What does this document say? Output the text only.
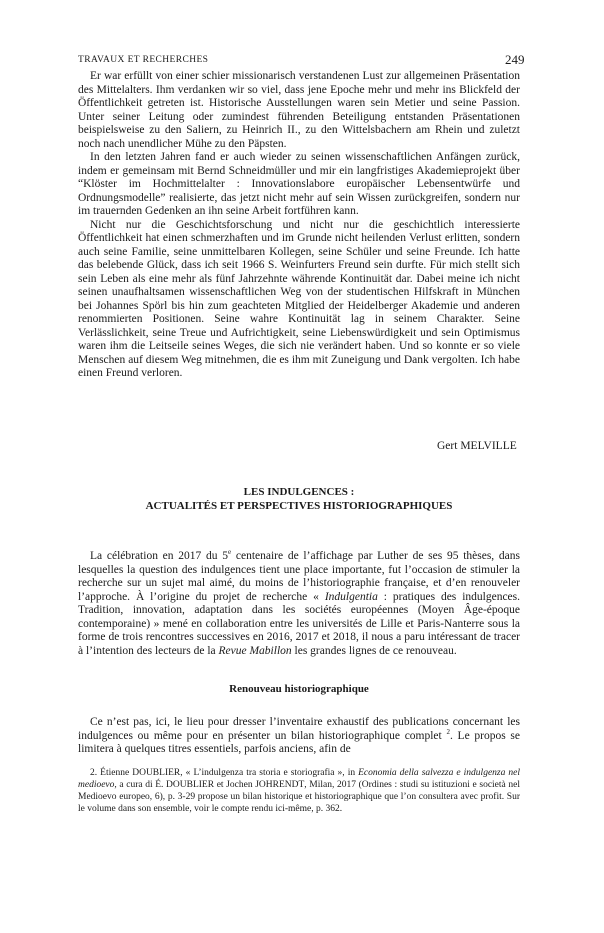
TRAVAUX ET RECHERCHES	249

Er war erfüllt von einer schier missionarisch verstandenen Lust zur allgemeinen Präsentation des Mittelalters. Ihm verdanken wir so viel, dass jene Epoche mehr und mehr ins Blickfeld der Öffentlichkeit getreten ist. Historische Ausstellungen waren sein Metier und seine Passion. Unter seiner Leitung oder zumindest führenden Beteiligung entstanden Präsentationen beispielsweise zu den Saliern, zu Heinrich II., zu den Wittelsbachern am Rhein und zuletzt noch nach unendlicher Mühe zu den Päpsten.

In den letzten Jahren fand er auch wieder zu seinen wissenschaftlichen Anfängen zurück, indem er gemeinsam mit Bernd Schneidmüller und mir ein langfristiges Akademieprojekt über “Klöster im Hochmittelalter : Innovationslabore europäischer Lebensentwürfe und Ordnungsmodelle” realisierte, das jetzt nicht mehr auf sein Wissen zurückgreifen, sondern nur im trauernden Gedenken an ihn seine Arbeit fortführen kann.

Nicht nur die Geschichtsforschung und nicht nur die geschichtlich interessierte Öffentlichkeit hat einen schmerzhaften und im Grunde nicht heilenden Verlust erlitten, sondern auch seine Familie, seine unmittelbaren Kollegen, seine Schüler und seine Freunde. Ich hatte das belebende Glück, dass ich seit 1966 S. Weinfurters Freund sein durfte. Für mich stellt sich sein Leben als eine mehr als fünf Jahrzehnte währende Kontinuität dar. Dabei meine ich nicht seinen unaufhaltsamen wissenschaftlichen Weg von der studentischen Hilfskraft in München bei Johannes Spörl bis hin zum geachteten Mitglied der Heidelberger Akademie und anderen renommierten Positionen. Seine wahre Kontinuität lag in seinem Charakter. Seine Verlässlichkeit, seine Treue und Aufrichtigkeit, seine Liebenswürdigkeit und sein Optimismus waren ihm die Leitseile seines Weges, die sich nie verändert haben. Und so konnte er so viele Menschen auf diesem Weg mitnehmen, die es ihm mit Zuneigung und Dank vergolten. Ich habe einen Freund verloren.

Gert MELVILLE
LES INDULGENCES :
ACTUALITÉS ET PERSPECTIVES HISTORIOGRAPHIQUES

La célébration en 2017 du 5e centenaire de l’affichage par Luther de ses 95 thèses, dans lesquelles la question des indulgences tient une place importante, fut l’occasion de stimuler la recherche sur un sujet mal aimé, du moins de l’historiographie française, et d’en renouveler l’approche. À l’origine du projet de recherche « Indulgentia : pratiques des indulgences. Tradition, innovation, adaptation dans les sociétés européennes (Moyen Âge-époque contemporaine) » mené en collaboration entre les universités de Lille et Paris-Nanterre sous la forme de trois rencontres successives en 2016, 2017 et 2018, il nous a paru intéressant de tracer à l’intention des lecteurs de la Revue Mabillon les grandes lignes de ce renouveau.

Renouveau historiographique

Ce n’est pas, ici, le lieu pour dresser l’inventaire exhaustif des publications concernant les indulgences ou même pour en présenter un bilan historiographique complet $^2$. Le propos se limitera à quelques titres essentiels, parfois anciens, afin de

2. Étienne DOUBLIER, « L’indulgenza tra storia e storiografia », in Economia della salvezza e indulgenza nel medioevo, a cura di É. DOUBLIER et Jochen JOHRENDT, Milan, 2017 (Ordines : studi su istituzioni e società nel Medioevo europeo, 6), p. 3-29 propose un bilan historique et historiographique que l’on consultera avec profit. Sur le volume dans son ensemble, voir le compte rendu ici-même, p. 362.
